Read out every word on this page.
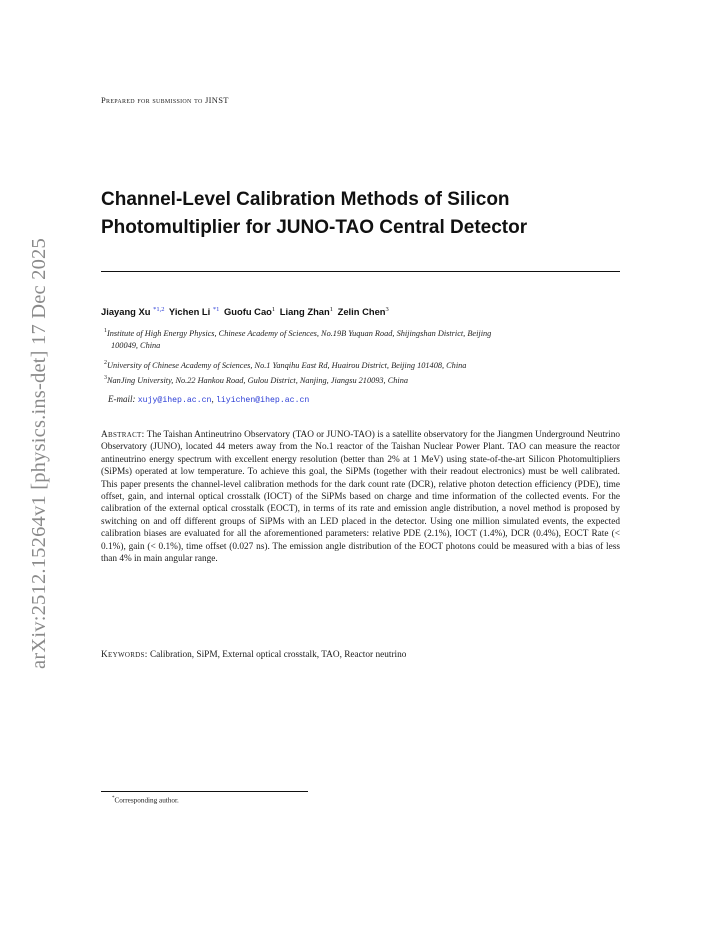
arXiv:2512.15264v1 [physics.ins-det] 17 Dec 2025
Prepared for submission to JINST
Channel-Level Calibration Methods of Silicon Photomultiplier for JUNO-TAO Central Detector
Jiayang Xu $^{*1,2}$ Yichen Li $^{*1}$ Guofu Cao$^1$ Liang Zhan$^1$ Zelin Chen$^3$
$^1$Institute of High Energy Physics, Chinese Academy of Sciences, No.19B Yuquan Road, Shijingshan District, Beijing
100049, China
$^2$University of Chinese Academy of Sciences, No.1 Yanqihu East Rd, Huairou District, Beijing 101408, China
$^3$NanJing University, No.22 Hankou Road, Gulou District, Nanjing, Jiangsu 210093, China
E-mail: xujy@ihep.ac.cn, liyichen@ihep.ac.cn
Abstract: The Taishan Antineutrino Observatory (TAO or JUNO-TAO) is a satellite observatory for the Jiangmen Underground Neutrino Observatory (JUNO), located 44 meters away from the No.1 reactor of the Taishan Nuclear Power Plant. TAO can measure the reactor antineutrino energy spectrum with excellent energy resolution (better than 2% at 1 MeV) using state-of-the-art Silicon Photomultipliers (SiPMs) operated at low temperature. To achieve this goal, the SiPMs (together with their readout electronics) must be well calibrated. This paper presents the channel-level calibration methods for the dark count rate (DCR), relative photon detection efficiency (PDE), time offset, gain, and internal optical crosstalk (IOCT) of the SiPMs based on charge and time information of the collected events. For the calibration of the external optical crosstalk (EOCT), in terms of its rate and emission angle distribution, a novel method is proposed by switching on and off different groups of SiPMs with an LED placed in the detector. Using one million simulated events, the expected calibration biases are evaluated for all the aforementioned parameters: relative PDE (2.1%), IOCT (1.4%), DCR (0.4%), EOCT Rate (< 0.1%), gain (< 0.1%), time offset (0.027 ns). The emission angle distribution of the EOCT photons could be measured with a bias of less than 4% in main angular range.
Keywords: Calibration, SiPM, External optical crosstalk, TAO, Reactor neutrino
*Corresponding author.
